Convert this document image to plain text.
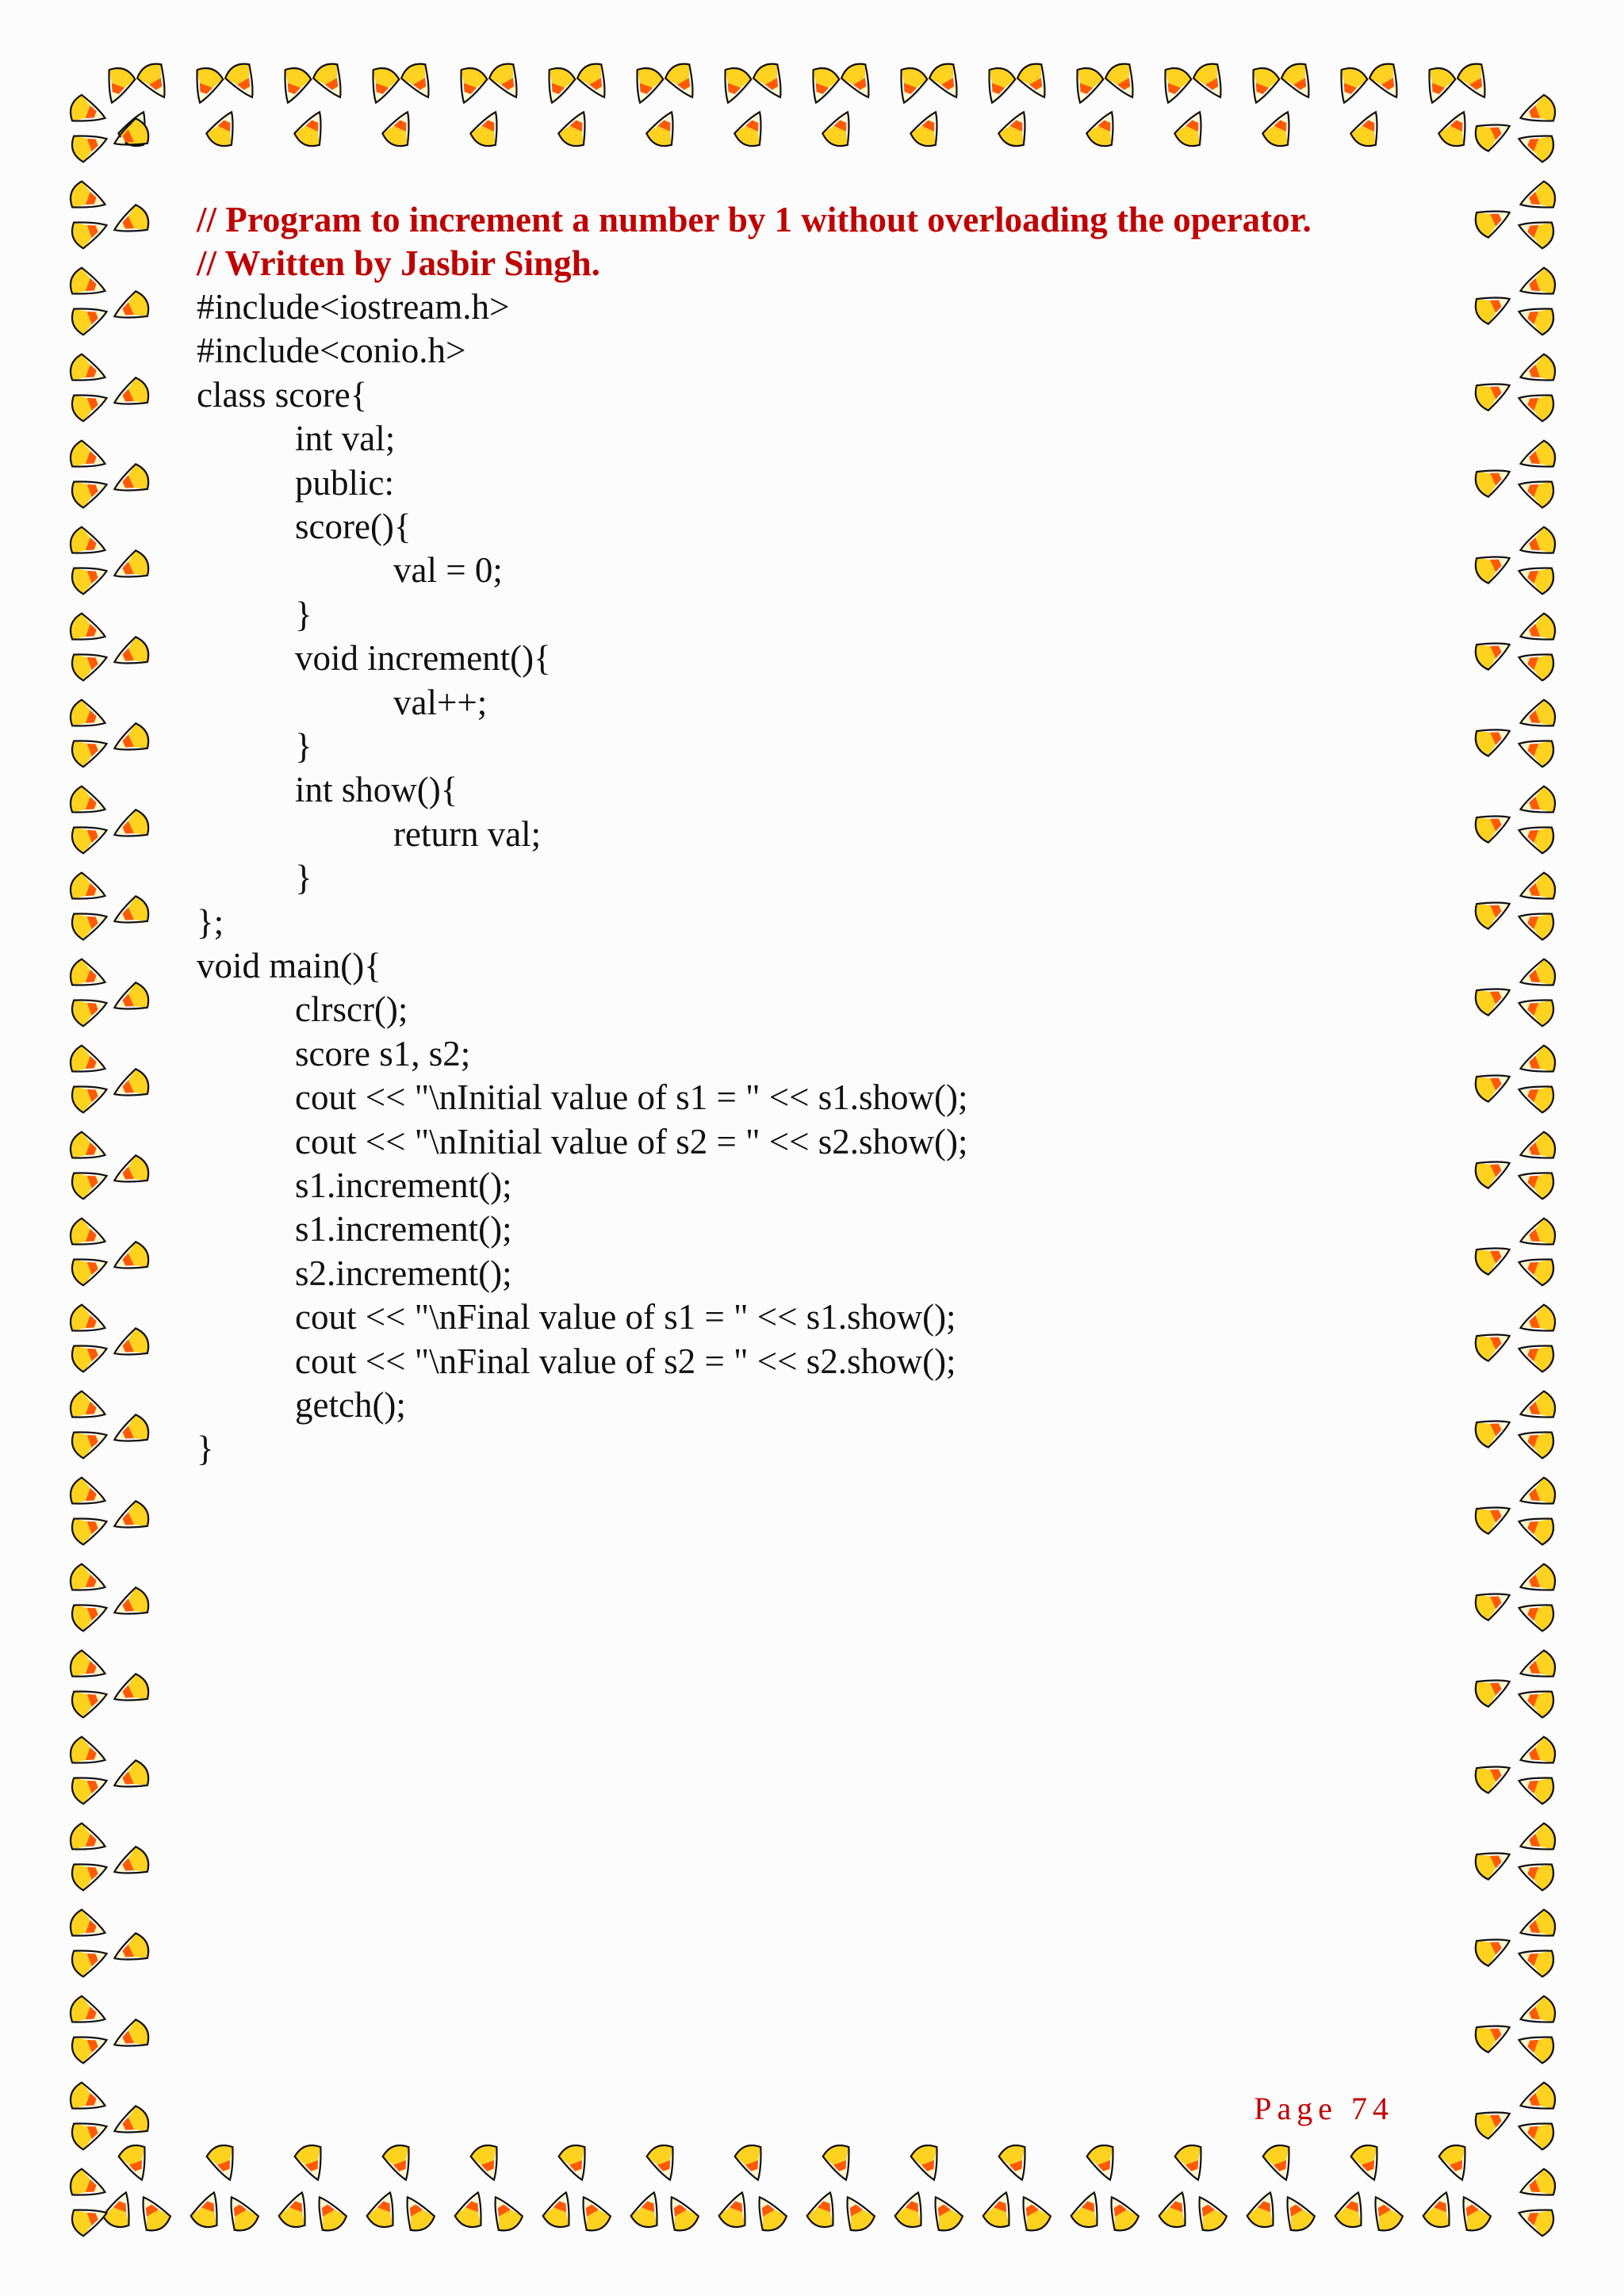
// Program to increment a number by 1 without overloading the operator.

// Written by Jasbir Singh.

#include<iostream.h>

#include<conio.h>

class score{

int val;

public:

score(){

val = 0;

}

void increment(){

val++;

}

int show(){

return val;

}

};

void main(){

clrscr();

score s1, s2;

cout << "\nInitial value of s1 = " << s1.show();

cout << "\nInitial value of s2 = " << s2.show();

s1.increment();

s1.increment();

s2.increment();

cout << "\nFinal value of s1 = " << s1.show();

cout << "\nFinal value of s2 = " << s2.show();

getch();

}

Page 74
